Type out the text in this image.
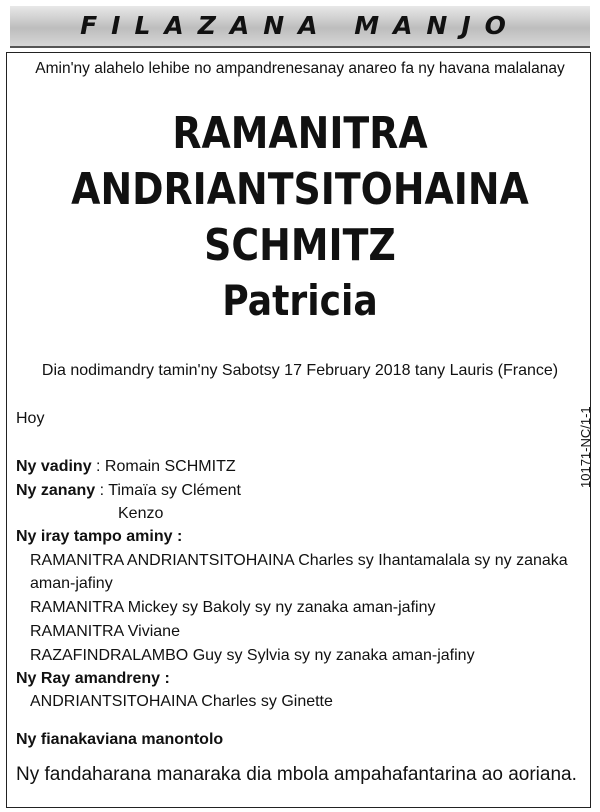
FILAZANA MANJO
Amin'ny alahelo lehibe no ampandrenesanay anareo fa ny havana malalanay
RAMANITRA
ANDRIANTSITOHAINA
SCHMITZ
Patricia
Dia nodimandry tamin'ny Sabotsy 17 February 2018 tany Lauris (France)
10171-NC/1-1
Hoy
Ny vadiny : Romain SCHMITZ
Ny zanany : Timaïa sy Clément
Kenzo
Ny iray tampo aminy :
RAMANITRA ANDRIANTSITOHAINA Charles sy Ihantamalala sy ny zanaka
aman-jafiny
RAMANITRA Mickey sy Bakoly sy ny zanaka aman-jafiny
RAMANITRA Viviane
RAZAFINDRALAMBO Guy sy Sylvia sy ny zanaka aman-jafiny
Ny Ray amandreny :
ANDRIANTSITOHAINA Charles sy Ginette
Ny fianakaviana manontolo
Ny fandaharana manaraka dia mbola ampahafantarina ao aoriana.
